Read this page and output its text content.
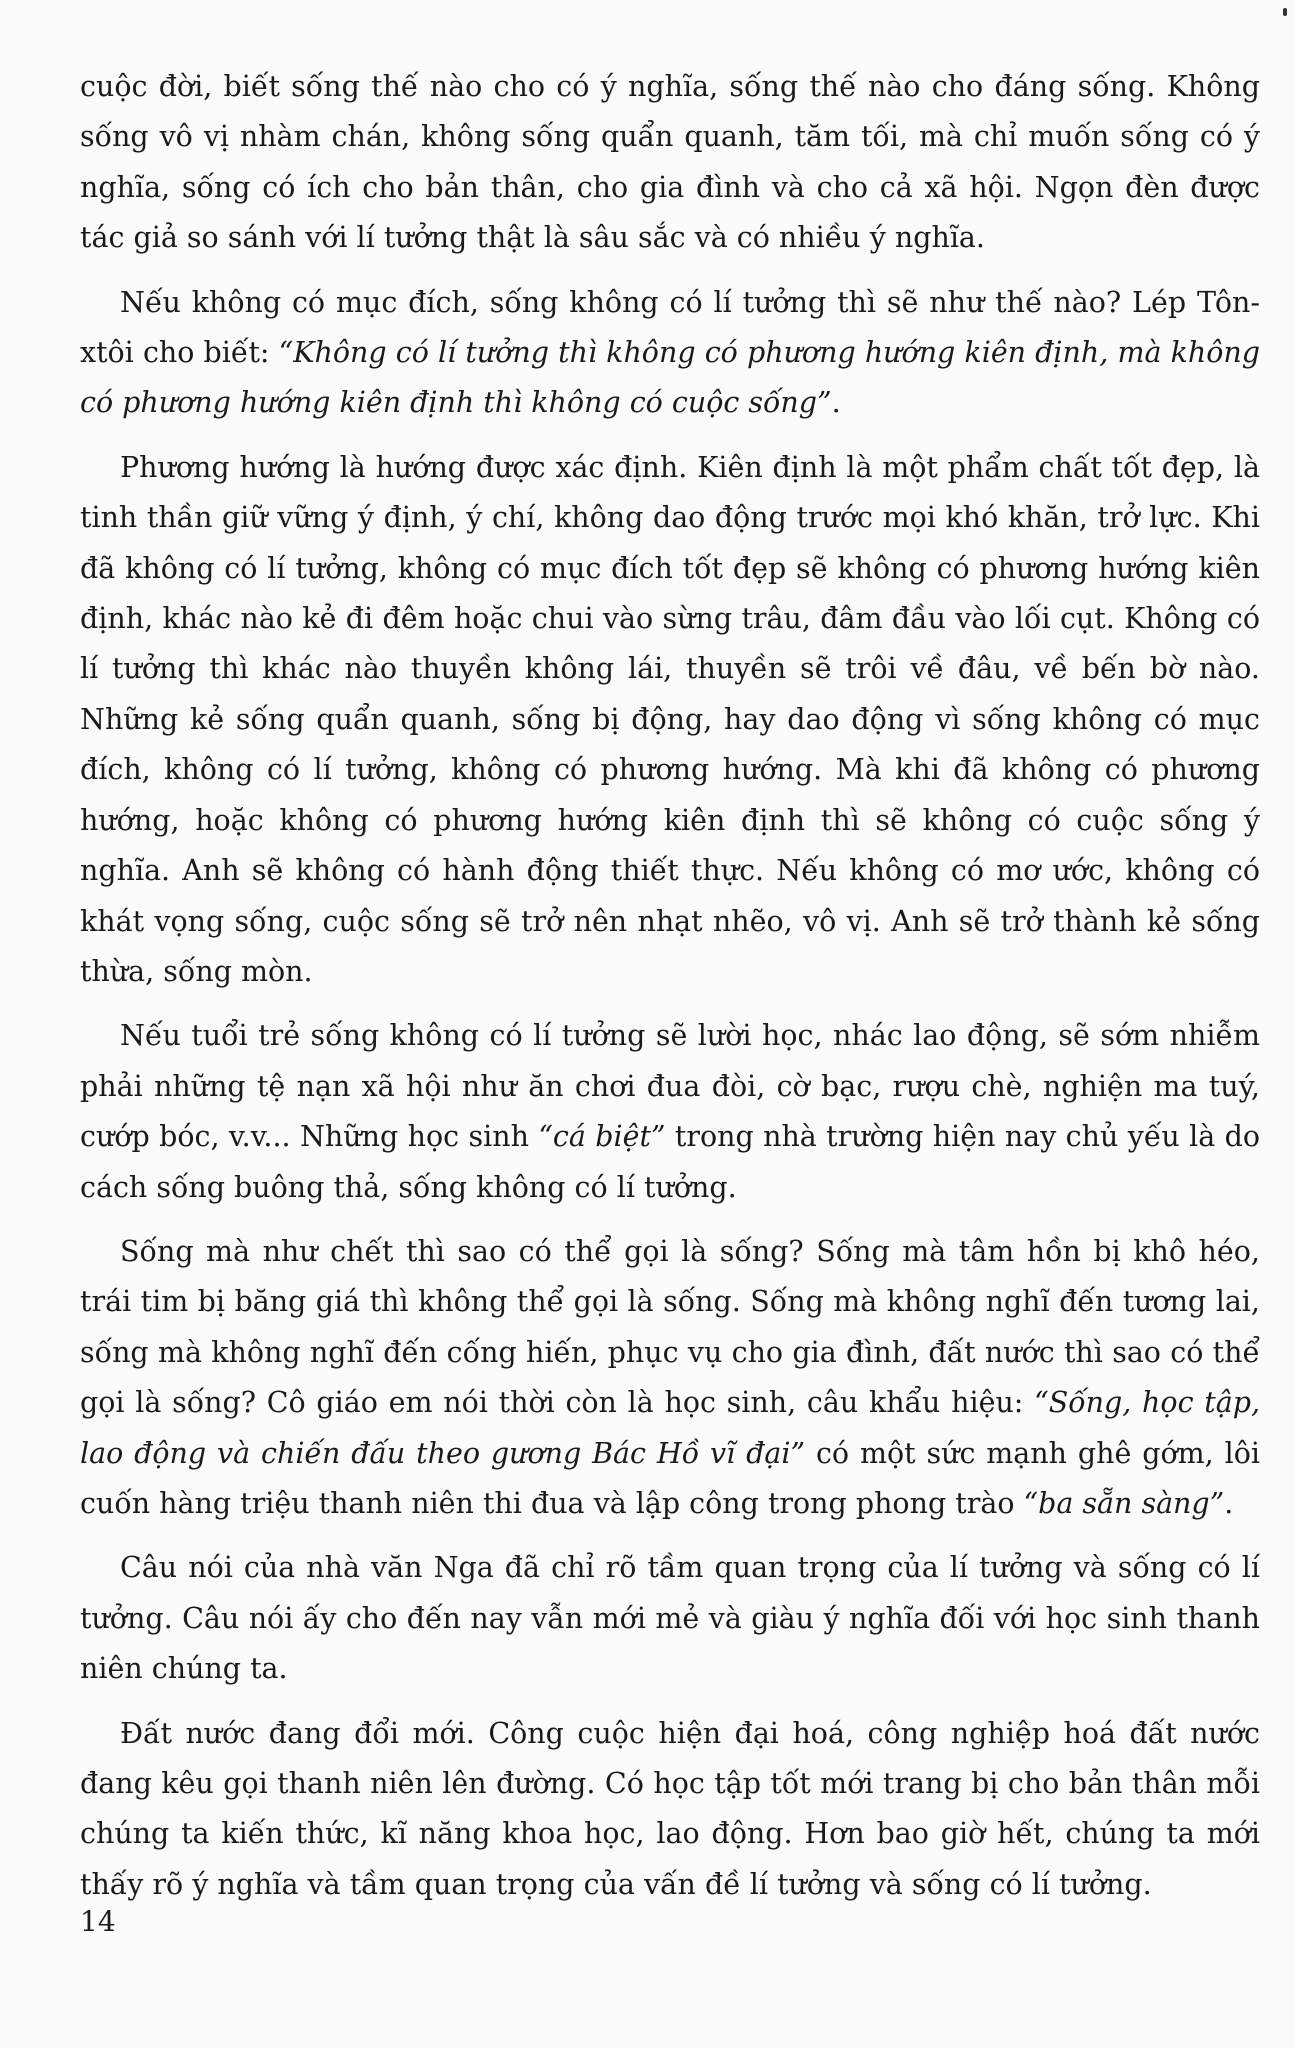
cuộc đời, biết sống thế nào cho có ý nghĩa, sống thế nào cho đáng sống. Không sống vô vị nhàm chán, không sống quẩn quanh, tăm tối, mà chỉ muốn sống có ý nghĩa, sống có ích cho bản thân, cho gia đình và cho cả xã hội. Ngọn đèn được tác giả so sánh với lí tưởng thật là sâu sắc và có nhiều ý nghĩa.

Nếu không có mục đích, sống không có lí tưởng thì sẽ như thế nào? Lép Tôn-xtôi cho biết: “Không có lí tưởng thì không có phương hướng kiên định, mà không có phương hướng kiên định thì không có cuộc sống”.

Phương hướng là hướng được xác định. Kiên định là một phẩm chất tốt đẹp, là tinh thần giữ vững ý định, ý chí, không dao động trước mọi khó khăn, trở lực. Khi đã không có lí tưởng, không có mục đích tốt đẹp sẽ không có phương hướng kiên định, khác nào kẻ đi đêm hoặc chui vào sừng trâu, đâm đầu vào lối cụt. Không có lí tưởng thì khác nào thuyền không lái, thuyền sẽ trôi về đâu, về bến bờ nào. Những kẻ sống quẩn quanh, sống bị động, hay dao động vì sống không có mục đích, không có lí tưởng, không có phương hướng. Mà khi đã không có phương hướng, hoặc không có phương hướng kiên định thì sẽ không có cuộc sống ý nghĩa. Anh sẽ không có hành động thiết thực. Nếu không có mơ ước, không có khát vọng sống, cuộc sống sẽ trở nên nhạt nhẽo, vô vị. Anh sẽ trở thành kẻ sống thừa, sống mòn.

Nếu tuổi trẻ sống không có lí tưởng sẽ lười học, nhác lao động, sẽ sớm nhiễm phải những tệ nạn xã hội như ăn chơi đua đòi, cờ bạc, rượu chè, nghiện ma tuý, cướp bóc, v.v... Những học sinh “cá biệt” trong nhà trường hiện nay chủ yếu là do cách sống buông thả, sống không có lí tưởng.

Sống mà như chết thì sao có thể gọi là sống? Sống mà tâm hồn bị khô héo, trái tim bị băng giá thì không thể gọi là sống. Sống mà không nghĩ đến tương lai, sống mà không nghĩ đến cống hiến, phục vụ cho gia đình, đất nước thì sao có thể gọi là sống? Cô giáo em nói thời còn là học sinh, câu khẩu hiệu: “Sống, học tập, lao động và chiến đấu theo gương Bác Hồ vĩ đại” có một sức mạnh ghê gớm, lôi cuốn hàng triệu thanh niên thi đua và lập công trong phong trào “ba sẵn sàng”.

Câu nói của nhà văn Nga đã chỉ rõ tầm quan trọng của lí tưởng và sống có lí tưởng. Câu nói ấy cho đến nay vẫn mới mẻ và giàu ý nghĩa đối với học sinh thanh niên chúng ta.

Đất nước đang đổi mới. Công cuộc hiện đại hoá, công nghiệp hoá đất nước đang kêu gọi thanh niên lên đường. Có học tập tốt mới trang bị cho bản thân mỗi chúng ta kiến thức, kĩ năng khoa học, lao động. Hơn bao giờ hết, chúng ta mới thấy rõ ý nghĩa và tầm quan trọng của vấn đề lí tưởng và sống có lí tưởng.

14
